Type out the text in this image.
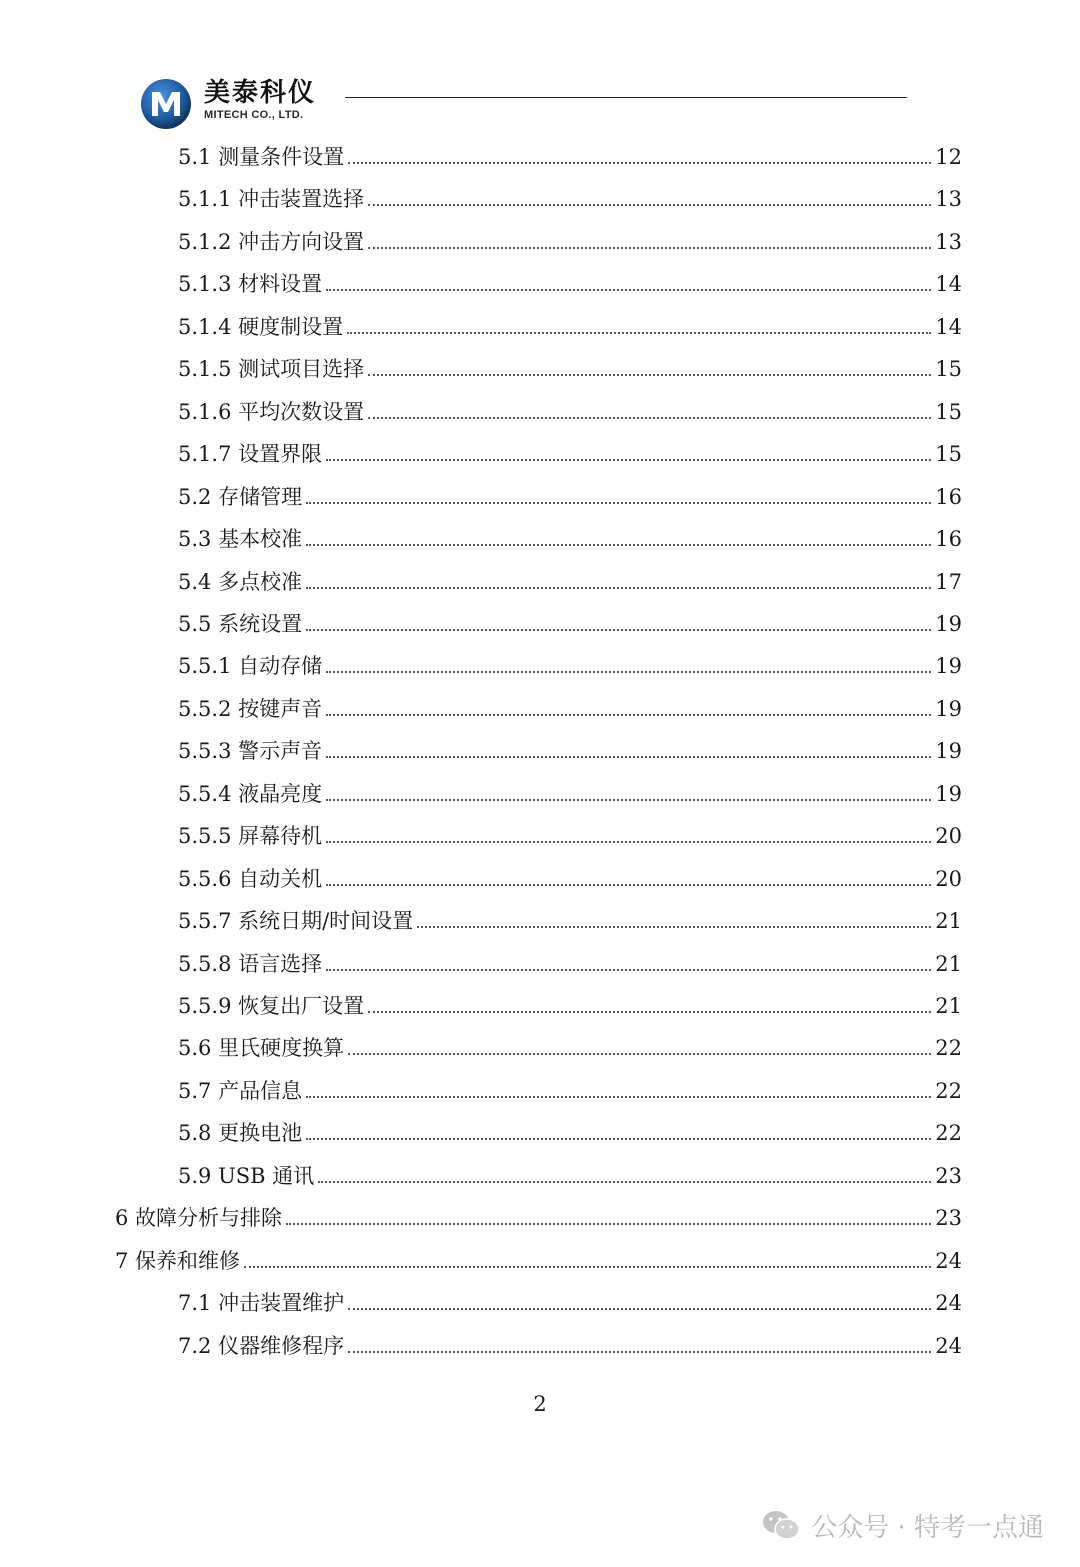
美泰科仪
MITECH CO., LTD.
5.1 测量条件设置	12
5.1.1 冲击装置选择	13
5.1.2 冲击方向设置	13
5.1.3 材料设置	14
5.1.4 硬度制设置	14
5.1.5 测试项目选择	15
5.1.6 平均次数设置	15
5.1.7 设置界限	15
5.2 存储管理	16
5.3 基本校准	16
5.4 多点校准	17
5.5 系统设置	19
5.5.1 自动存储	19
5.5.2 按键声音	19
5.5.3 警示声音	19
5.5.4 液晶亮度	19
5.5.5 屏幕待机	20
5.5.6 自动关机	20
5.5.7 系统日期/时间设置	21
5.5.8 语言选择	21
5.5.9 恢复出厂设置	21
5.6 里氏硬度换算	22
5.7 产品信息	22
5.8 更换电池	22
5.9 USB 通讯	23
6 故障分析与排除	23
7 保养和维修	24
7.1 冲击装置维护	24
7.2 仪器维修程序	24
2
公众号 · 特考一点通
